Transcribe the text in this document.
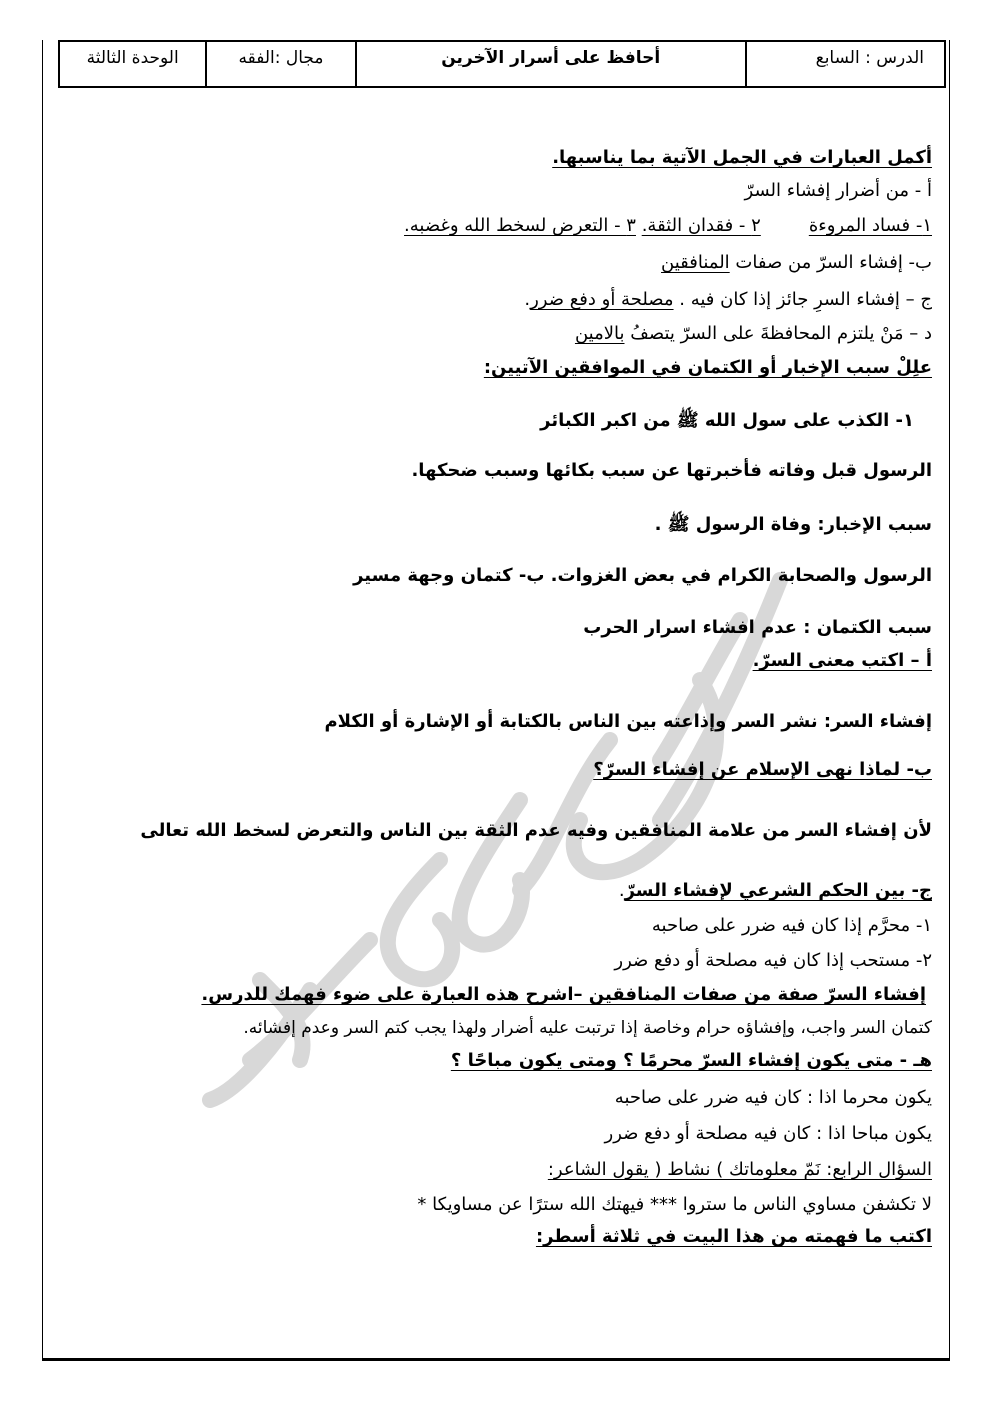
الدرس : السابع
أحافظ على أسرار الآخرين
مجال :الفقه
الوحدة الثالثة
أكمل العبارات في الجمل الآتية بما يناسبها.
أ - من أضرار إفشاء السرّ
١- فساد المروءة٢ - فقدان الثقة. ٣ - التعرض لسخط الله وغضبه.
ب- إفشاء السرّ من صفات المنافقين
ج – إفشاء السرِ جائز إذا كان فيه . مصلحة أو دفع ضرر.
د – مَنْ يلتزم المحافظةَ على السرّ يتصفُ بالامين
علِلْ سبب الإخبار أو الكتمان في الموافقين الآتيين:
١- الكذب على سول الله ﷺ من اكبر الكبائر
الرسول قبل وفاته فأخبرتها عن سبب بكائها وسبب ضحكها.
سبب الإخبار: وفاة الرسول ﷺ .
الرسول والصحابة الكرام في بعض الغزوات. ب- كتمان وجهة مسير
سبب الكتمان : عدم افشاء اسرار الحرب
أ – اكتب معنى السرّ.
إفشاء السر: نشر السر وإذاعته بين الناس بالكتابة أو الإشارة أو الكلام
ب- لماذا نهى الإسلام عن إفشاء السرّ؟
لأن إفشاء السر من علامة المنافقين وفيه عدم الثقة بين الناس والتعرض لسخط الله تعالى
ج- بين الحكم الشرعي لإفشاء السرّ.
١- محرَّم إذا كان فيه ضرر على صاحبه
٢- مستحب إذا كان فيه مصلحة أو دفع ضرر
إفشاء السرّ صفة من صفات المنافقين –اشرح هذه العبارة على ضوء فهمك للدرس.
كتمان السر واجب، وإفشاؤه حرام وخاصة إذا ترتبت عليه أضرار ولهذا يجب كتم السر وعدم إفشائه.
هـ - متى يكون إفشاء السرّ محرمًا ؟ ومتى يكون مباحًا ؟
يكون محرما اذا : كان فيه ضرر على صاحبه
يكون مباحا اذا : كان فيه مصلحة أو دفع ضرر
السؤال الرابع: نَمّ معلوماتك ) نشاط ( يقول الشاعر:
لا تكشفن مساوي الناس ما ستروا *** فيهتك الله سترًا عن مساويكا *
اكتب ما فهمته من هذا البيت في ثلاثة أسطر:
